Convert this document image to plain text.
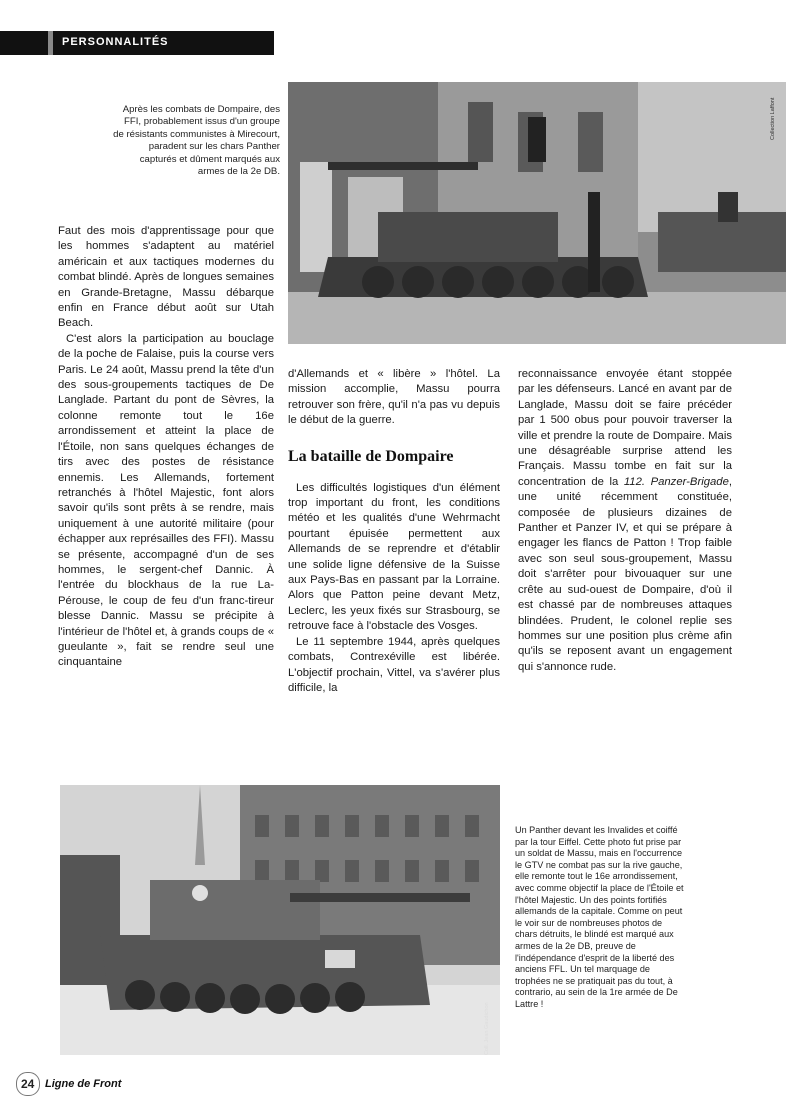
PERSONNALITÉS
Collection Laffont
Après les combats de Dompaire, des FFI, probablement issus d'un groupe de résistants communistes à Mirecourt, paradent sur les chars Panther capturés et dûment marqués aux armes de la 2e DB.

Faut des mois d'apprentissage pour que les hommes s'adaptent au matériel américain et aux tactiques modernes du combat blindé. Après de longues semaines en Grande-Bretagne, Massu débarque enfin en France début août sur Utah Beach.

C'est alors la participation au bouclage de la poche de Falaise, puis la course vers Paris. Le 24 août, Massu prend la tête d'un des sous-groupements tactiques de De Langlade. Partant du pont de Sèvres, la colonne remonte tout le 16e arrondissement et atteint la place de l'Étoile, non sans quelques échanges de tirs avec des postes de résistance ennemis. Les Allemands, fortement retranchés à l'hôtel Majestic, font alors savoir qu'ils sont prêts à se rendre, mais uniquement à une autorité militaire (pour échapper aux représailles des FFI). Massu se présente, accompagné d'un de ses hommes, le sergent-chef Dannic. À l'entrée du blockhaus de la rue La-Pérouse, le coup de feu d'un franc-tireur blesse Dannic. Massu se précipite à l'intérieur de l'hôtel et, à grands coups de « gueulante », fait se rendre seul une cinquantaine

d'Allemands et « libère » l'hôtel. La mission accomplie, Massu pourra retrouver son frère, qu'il n'a pas vu depuis le début de la guerre.

La bataille de Dompaire

Les difficultés logistiques d'un élément trop important du front, les conditions météo et les qualités d'une Wehrmacht pourtant épuisée permettent aux Allemands de se reprendre et d'établir une solide ligne défensive de la Suisse aux Pays-Bas en passant par la Lorraine. Alors que Patton peine devant Metz, Leclerc, les yeux fixés sur Strasbourg, se retrouve face à l'obstacle des Vosges.

Le 11 septembre 1944, après quelques combats, Contrexéville est libérée. L'objectif prochain, Vittel, va s'avérer plus difficile, la

reconnaissance envoyée étant stoppée par les défenseurs. Lancé en avant par de Langlade, Massu doit se faire précéder par 1 500 obus pour pouvoir traverser la ville et prendre la route de Dompaire. Mais une désagréable surprise attend les Français. Massu tombe en fait sur la concentration de la 112. Panzer-Brigade, une unité récemment constituée, composée de plusieurs dizaines de Panther et Panzer IV, et qui se prépare à engager les flancs de Patton ! Trop faible avec son seul sous-groupement, Massu doit s'arrêter pour bivouaquer sur une crête au sud-ouest de Dompaire, d'où il est chassé par de nombreuses attaques blindées. Prudent, le colonel replie ses hommes sur une position plus crème afin qu'ils se reposent avant un engagement qui s'annonce rude.

Coll. Jean Gaudichon
Un Panther devant les Invalides et coiffé par la tour Eiffel. Cette photo fut prise par un soldat de Massu, mais en l'occurrence le GTV ne combat pas sur la rive gauche, elle remonte tout le 16e arrondissement, avec comme objectif la place de l'Étoile et l'hôtel Majestic. Un des points fortifiés allemands de la capitale. Comme on peut le voir sur de nombreuses photos de chars détruits, le blindé est marqué aux armes de la 2e DB, preuve de l'indépendance d'esprit de la liberté des anciens FFL. Un tel marquage de trophées ne se pratiquait pas du tout, à contrario, au sein de la 1re armée de De Lattre !
24 Ligne de Front
